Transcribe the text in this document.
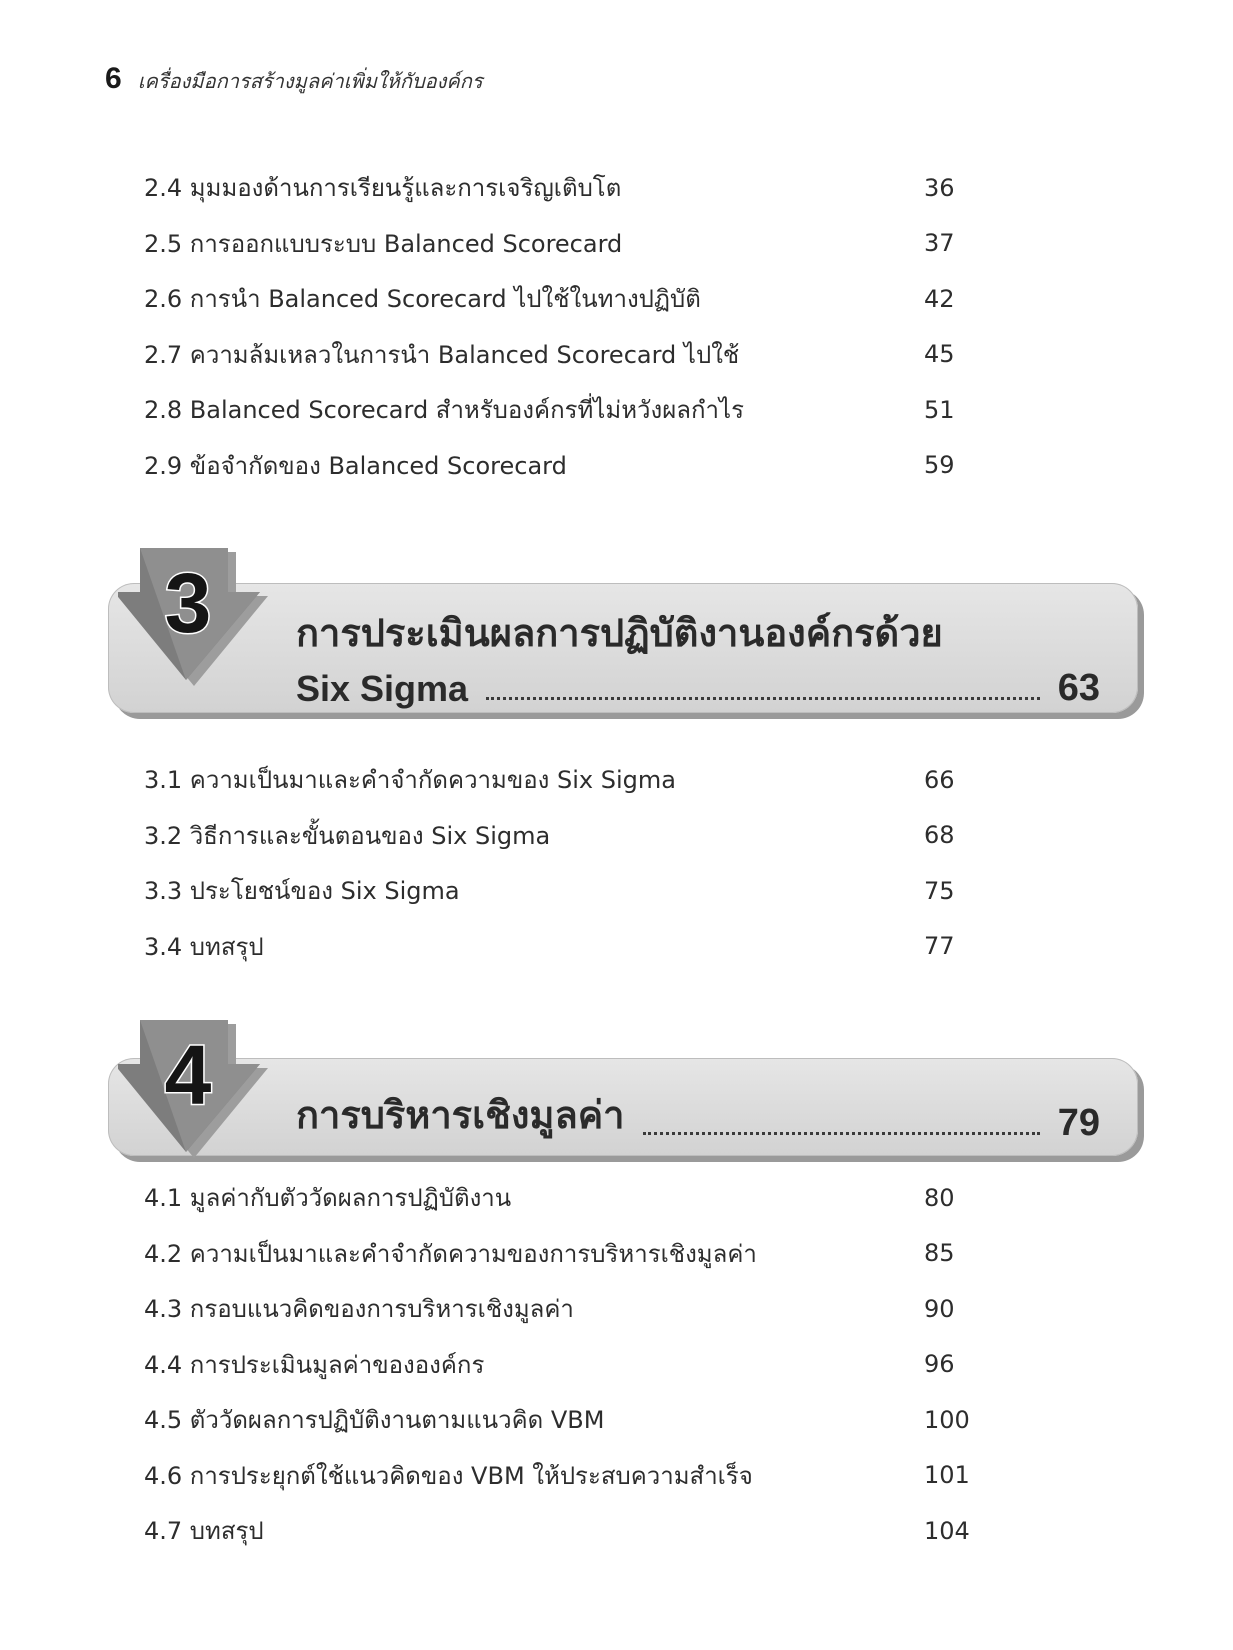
6 เครื่องมือการสร้างมูลค่าเพิ่มให้กับองค์กร
2.4 มุมมองด้านการเรียนรู้และการเจริญเติบโต	36
2.5 การออกแบบระบบ Balanced Scorecard	37
2.6 การนำ Balanced Scorecard ไปใช้ในทางปฏิบัติ	42
2.7 ความล้มเหลวในการนำ Balanced Scorecard ไปใช้	45
2.8 Balanced Scorecard สำหรับองค์กรที่ไม่หวังผลกำไร	51
2.9 ข้อจำกัดของ Balanced Scorecard	59
3 การประเมินผลการปฏิบัติงานองค์กรด้วย
Six Sigma	63
3.1 ความเป็นมาและคำจำกัดความของ Six Sigma	66
3.2 วิธีการและขั้นตอนของ Six Sigma	68
3.3 ประโยชน์ของ Six Sigma	75
3.4 บทสรุป	77
4 การบริหารเชิงมูลค่า	79
4.1 มูลค่ากับตัววัดผลการปฏิบัติงาน	80
4.2 ความเป็นมาและคำจำกัดความของการบริหารเชิงมูลค่า	85
4.3 กรอบแนวคิดของการบริหารเชิงมูลค่า	90
4.4 การประเมินมูลค่าขององค์กร	96
4.5 ตัววัดผลการปฏิบัติงานตามแนวคิด VBM	100
4.6 การประยุกต์ใช้แนวคิดของ VBM ให้ประสบความสำเร็จ	101
4.7 บทสรุป	104
